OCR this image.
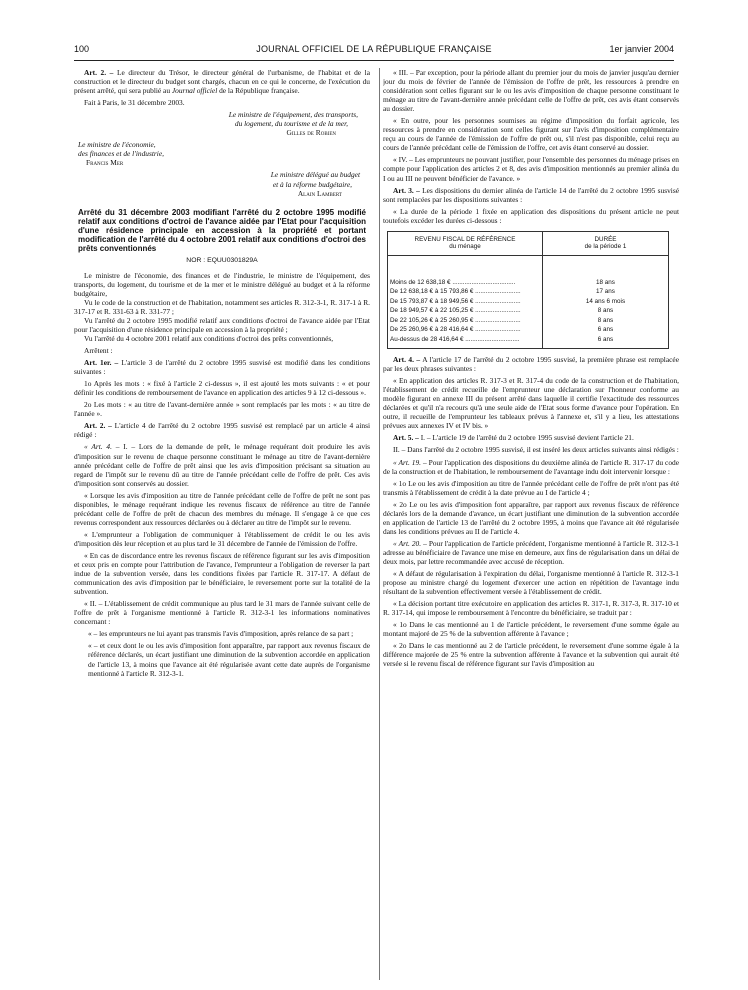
100	JOURNAL OFFICIEL DE LA RÉPUBLIQUE FRANÇAISE	1er janvier 2004

Art. 2. – Le directeur du Trésor, le directeur général de l'urbanisme, de l'habitat et de la construction et le directeur du budget sont chargés, chacun en ce qui le concerne, de l'exécution du présent arrêté, qui sera publié au Journal officiel de la République française.

Fait à Paris, le 31 décembre 2003.

Le ministre de l'équipement, des transports,

du logement, du tourisme et de la mer,

Gilles de Robien

Le ministre de l'économie,

des finances et de l'industrie,

Francis Mer

Le ministre délégué au budget

et à la réforme budgétaire,

Alain Lambert

Arrêté du 31 décembre 2003 modifiant l'arrêté du 2 octobre 1995 modifié relatif aux conditions d'octroi de l'avance aidée par l'Etat pour l'acquisition d'une résidence principale en accession à la propriété et portant modification de l'arrêté du 4 octobre 2001 relatif aux conditions d'octroi des prêts conventionnés

NOR : EQUU0301829A

Le ministre de l'économie, des finances et de l'industrie, le ministre de l'équipement, des transports, du logement, du tourisme et de la mer et le ministre délégué au budget et à la réforme budgétaire,

Vu le code de la construction et de l'habitation, notamment ses articles R. 312-3-1, R. 317-1 à R. 317-17 et R. 331-63 à R. 331-77 ;

Vu l'arrêté du 2 octobre 1995 modifié relatif aux conditions d'octroi de l'avance aidée par l'Etat pour l'acquisition d'une résidence principale en accession à la propriété ;

Vu l'arrêté du 4 octobre 2001 relatif aux conditions d'octroi des prêts conventionnés,

Arrêtent :

Art. 1er. – L'article 3 de l'arrêté du 2 octobre 1995 susvisé est modifié dans les conditions suivantes :

1o Après les mots : « fixé à l'article 2 ci-dessus », il est ajouté les mots suivants : « et pour définir les conditions de remboursement de l'avance en application des articles 9 à 12 ci-dessous ».

2o Les mots : « au titre de l'avant-dernière année » sont remplacés par les mots : « au titre de l'année ».

Art. 2. – L'article 4 de l'arrêté du 2 octobre 1995 susvisé est remplacé par un article 4 ainsi rédigé :

« Art. 4. – I. – Lors de la demande de prêt, le ménage requérant doit produire les avis d'imposition sur le revenu de chaque personne constituant le ménage au titre de l'avant-dernière année précédant celle de l'offre de prêt ainsi que les avis d'imposition précisant sa situation au regard de l'impôt sur le revenu dû au titre de l'année précédant celle de l'offre de prêt. Ces avis d'imposition sont conservés au dossier.

« Lorsque les avis d'imposition au titre de l'année précédant celle de l'offre de prêt ne sont pas disponibles, le ménage requérant indique les revenus fiscaux de référence au titre de l'année précédant celle de l'offre de prêt de chacun des membres du ménage. Il s'engage à ce que ces revenus correspondent aux ressources déclarées ou à déclarer au titre de l'impôt sur le revenu.

« L'emprunteur a l'obligation de communiquer à l'établissement de crédit le ou les avis d'imposition dès leur réception et au plus tard le 31 décembre de l'année de l'émission de l'offre.

« En cas de discordance entre les revenus fiscaux de référence figurant sur les avis d'imposition et ceux pris en compte pour l'attribution de l'avance, l'emprunteur a l'obligation de reverser la part indue de la subvention versée, dans les conditions fixées par l'article R. 317-17. A défaut de communication des avis d'imposition par le bénéficiaire, le reversement porte sur la totalité de la subvention.

« II. – L'établissement de crédit communique au plus tard le 31 mars de l'année suivant celle de l'offre de prêt à l'organisme mentionné à l'article R. 312-3-1 les informations nominatives concernant :

« – les emprunteurs ne lui ayant pas transmis l'avis d'imposition, après relance de sa part ;

« – et ceux dont le ou les avis d'imposition font apparaître, par rapport aux revenus fiscaux de référence déclarés, un écart justifiant une diminution de la subvention accordée en application de l'article 13, à moins que l'avance ait été régularisée avant cette date auprès de l'organisme mentionné à l'article R. 312-3-1.

« III. – Par exception, pour la période allant du premier jour du mois de janvier jusqu'au dernier jour du mois de février de l'année de l'émission de l'offre de prêt, les ressources à prendre en considération sont celles figurant sur le ou les avis d'imposition de chaque personne constituant le ménage au titre de l'avant-dernière année précédant celle de l'offre de prêt, ces avis étant conservés au dossier.

« En outre, pour les personnes soumises au régime d'imposition du forfait agricole, les ressources à prendre en considération sont celles figurant sur l'avis d'imposition complémentaire reçu au cours de l'année de l'émission de l'offre de prêt ou, s'il n'est pas disponible, celui reçu au cours de l'année précédant celle de l'émission de l'offre, cet avis étant conservé au dossier.

« IV. – Les emprunteurs ne pouvant justifier, pour l'ensemble des personnes du ménage prises en compte pour l'application des articles 2 et 8, des avis d'imposition mentionnés au premier alinéa du I ou au III ne peuvent bénéficier de l'avance. »

Art. 3. – Les dispositions du dernier alinéa de l'article 14 de l'arrêté du 2 octobre 1995 susvisé sont remplacées par les dispositions suivantes :

« La durée de la période 1 fixée en application des dispositions du présent article ne peut toutefois excéder les durées ci-dessous :

REVENU FISCAL DE RÉFÉRENCE
du ménage	DURÉE
de la période 1
Moins de 12 638,18 € ....................................	18 ans
De 12 638,18 € à 15 793,86 € ..........................	17 ans
De 15 793,87 € à 18 949,56 € ..........................	14 ans 6 mois
De 18 949,57 € à 22 105,25 € ..........................	8 ans
De 22 105,26 € à 25 260,95 € ..........................	8 ans
De 25 260,96 € à 28 416,64 € ..........................	6 ans
Au-dessus de 28 416,64 € ...............................	6 ans

Art. 4. – A l'article 17 de l'arrêté du 2 octobre 1995 susvisé, la première phrase est remplacée par les deux phrases suivantes :

« En application des articles R. 317-3 et R. 317-4 du code de la construction et de l'habitation, l'établissement de crédit recueille de l'emprunteur une déclaration sur l'honneur conforme au modèle figurant en annexe III du présent arrêté dans laquelle il certifie l'exactitude des ressources déclarées et qu'il n'a recours qu'à une seule aide de l'Etat sous forme d'avance pour l'opération. En outre, il recueille de l'emprunteur les tableaux prévus à l'annexe et, s'il y a lieu, les attestations prévues aux annexes IV et IV bis. »

Art. 5. – I. – L'article 19 de l'arrêté du 2 octobre 1995 susvisé devient l'article 21.

II. – Dans l'arrêté du 2 octobre 1995 susvisé, il est inséré les deux articles suivants ainsi rédigés :

« Art. 19. – Pour l'application des dispositions du deuxième alinéa de l'article R. 317-17 du code de la construction et de l'habitation, le remboursement de l'avantage indu doit intervenir lorsque :

« 1o Le ou les avis d'imposition au titre de l'année précédant celle de l'offre de prêt n'ont pas été transmis à l'établissement de crédit à la date prévue au I de l'article 4 ;

« 2o Le ou les avis d'imposition font apparaître, par rapport aux revenus fiscaux de référence déclarés lors de la demande d'avance, un écart justifiant une diminution de la subvention accordée en application de l'article 13 de l'arrêté du 2 octobre 1995, à moins que l'avance ait été régularisée dans les conditions prévues au II de l'article 4.

« Art. 20. – Pour l'application de l'article précédent, l'organisme mentionné à l'article R. 312-3-1 adresse au bénéficiaire de l'avance une mise en demeure, aux fins de régularisation dans un délai de deux mois, par lettre recommandée avec accusé de réception.

« A défaut de régularisation à l'expiration du délai, l'organisme mentionné à l'article R. 312-3-1 propose au ministre chargé du logement d'exercer une action en répétition de l'avantage indu résultant de la subvention effectivement versée à l'établissement de crédit.

« La décision portant titre exécutoire en application des articles R. 317-1, R. 317-3, R. 317-10 et R. 317-14, qui impose le remboursement à l'encontre du bénéficiaire, se traduit par :

« 1o Dans le cas mentionné au 1 de l'article précédent, le reversement d'une somme égale au montant majoré de 25 % de la subvention afférente à l'avance ;

« 2o Dans le cas mentionné au 2 de l'article précédent, le reversement d'une somme égale à la différence majorée de 25 % entre la subvention afférente à l'avance et la subvention qui aurait été versée si le revenu fiscal de référence figurant sur l'avis d'imposition au
